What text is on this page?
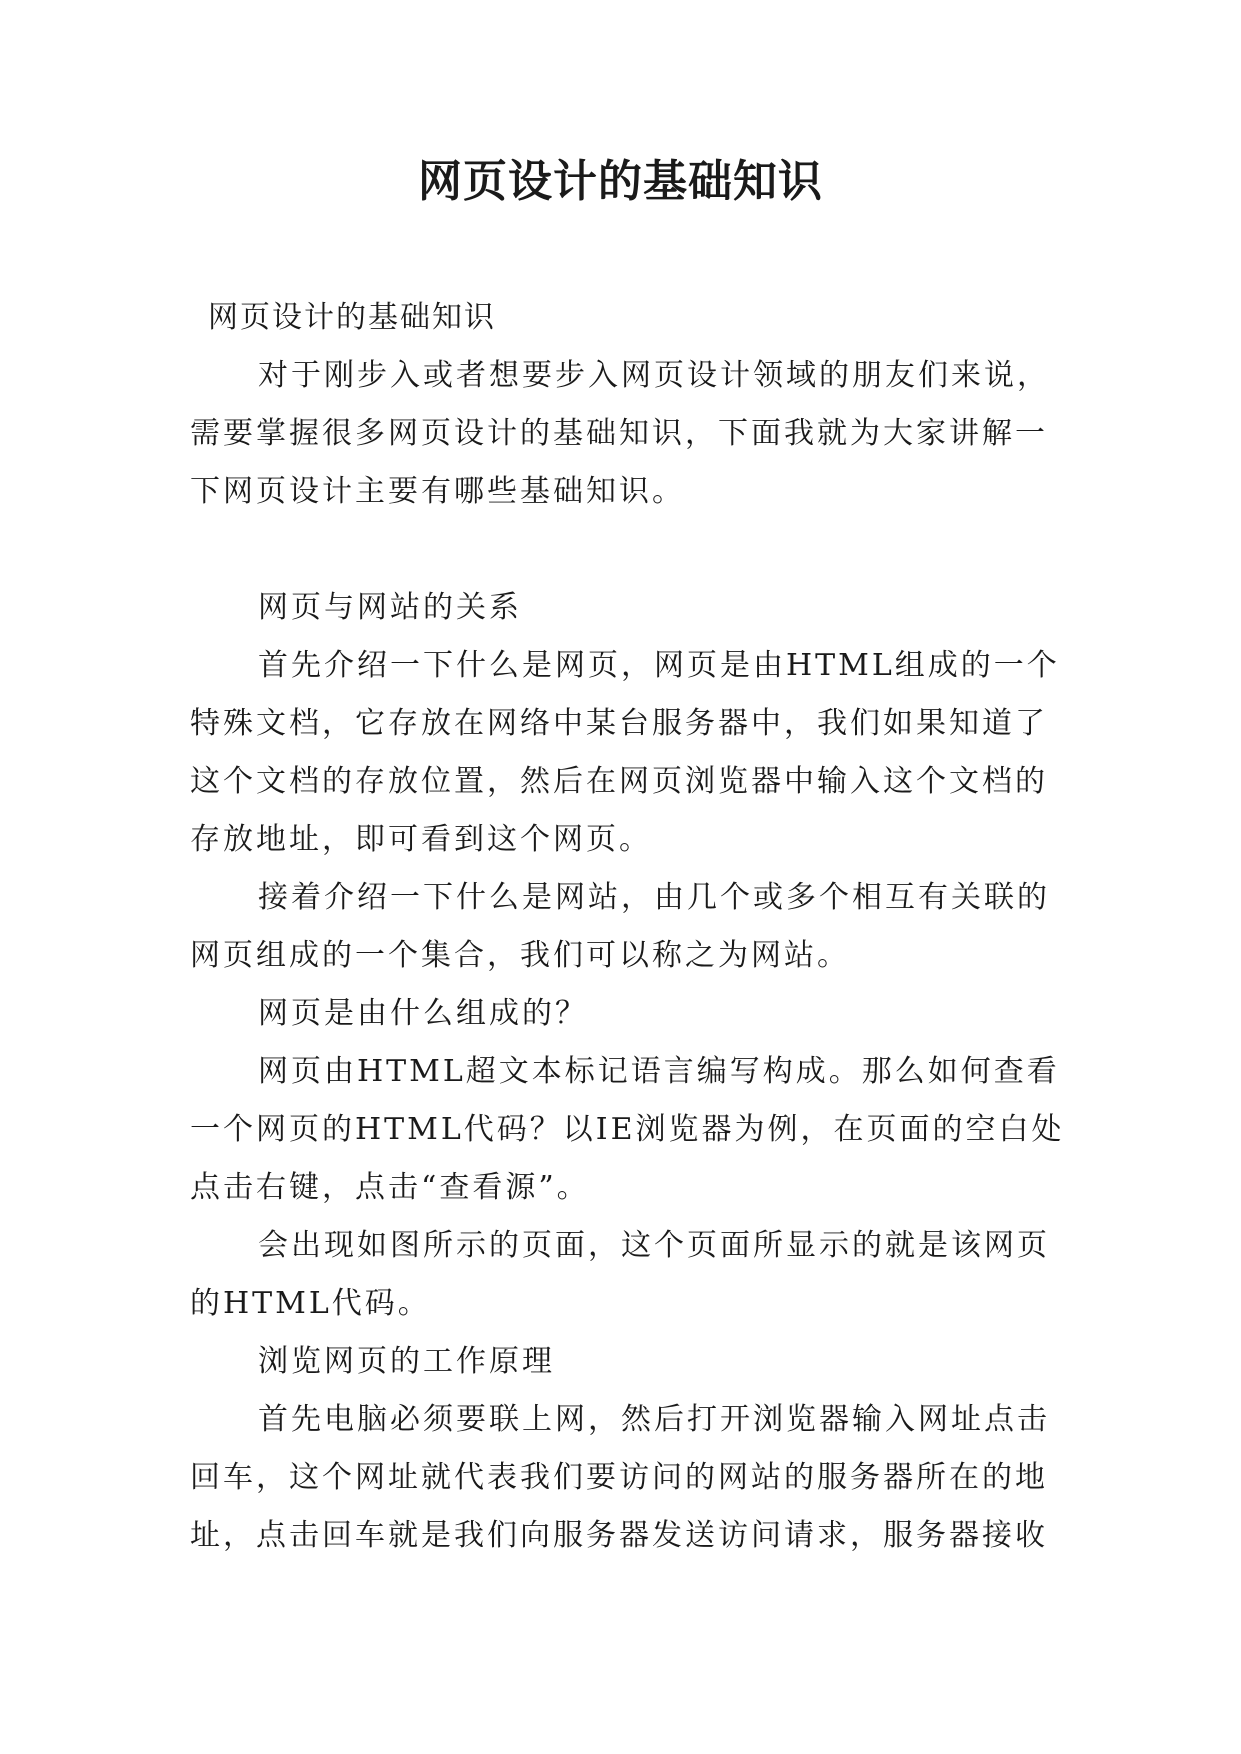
网页设计的基础知识
网页设计的基础知识
对于刚步入或者想要步入网页设计领域的朋友们来说，
需要掌握很多网页设计的基础知识，下面我就为大家讲解一
下网页设计主要有哪些基础知识。
网页与网站的关系
首先介绍一下什么是网页，网页是由HTML组成的一个
特殊文档，它存放在网络中某台服务器中，我们如果知道了
这个文档的存放位置，然后在网页浏览器中输入这个文档的
存放地址，即可看到这个网页。
接着介绍一下什么是网站，由几个或多个相互有关联的
网页组成的一个集合，我们可以称之为网站。
网页是由什么组成的？
网页由HTML超文本标记语言编写构成。那么如何查看
一个网页的HTML代码？以IE浏览器为例，在页面的空白处
点击右键，点击“查看源”。
会出现如图所示的页面，这个页面所显示的就是该网页
的HTML代码。
浏览网页的工作原理
首先电脑必须要联上网，然后打开浏览器输入网址点击
回车，这个网址就代表我们要访问的网站的服务器所在的地
址，点击回车就是我们向服务器发送访问请求，服务器接收
